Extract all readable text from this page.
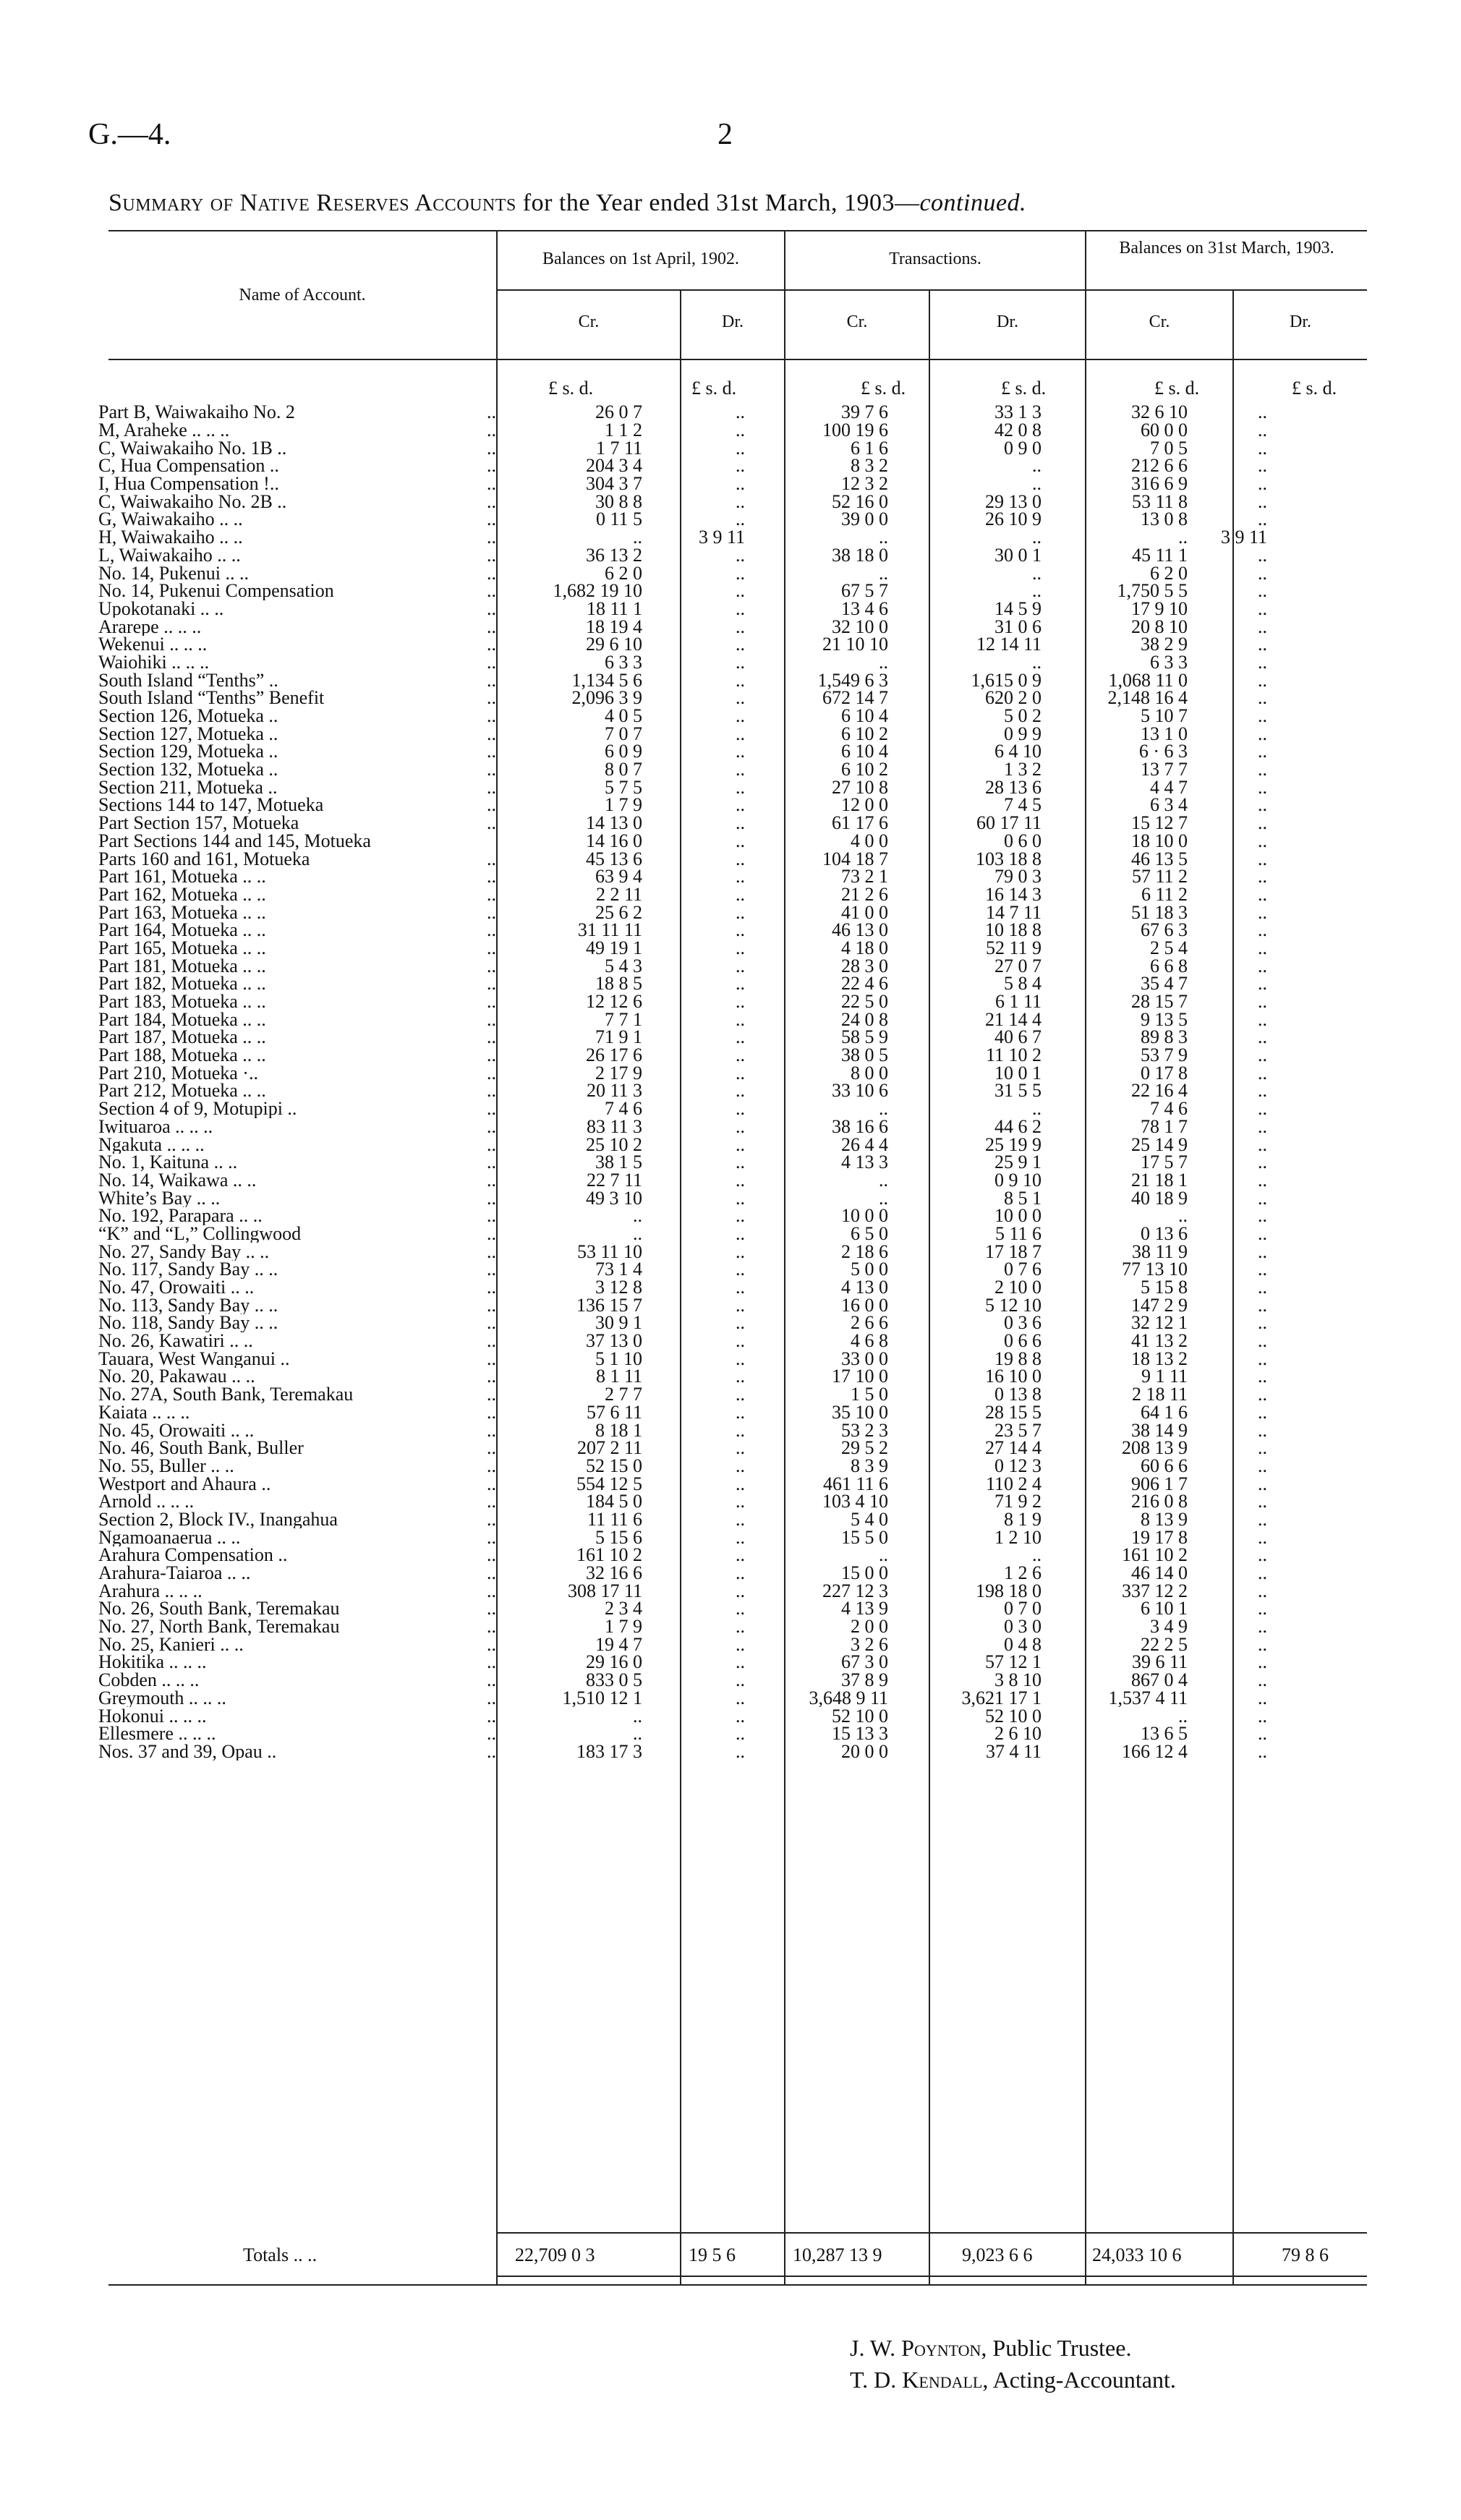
G.—4.	2
Summary of Native Reserves Accounts for the Year ended 31st March, 1903—continued.
Name of Account.
Balances on 1st April, 1902.	Transactions.
Balances on 31st March, 1903.
Cr.	Dr.	Cr.	Dr.	Cr.	Dr.
£ s. d.	£ s. d.	£ s. d.	£ s. d.	£ s. d.	£ s. d.
Part B, Waiwakaiho No. 2	..	26 0 7	..	39 7 6	33 1 3	32 6 10	..
M, Araheke .. .. ..	..	1 1 2	..	100 19 6	42 0 8	60 0 0	..
C, Waiwakaiho No. 1B ..	..	1 7 11	..	6 1 6	0 9 0	7 0 5	..
C, Hua Compensation ..	..	204 3 4	..	8 3 2	..	212 6 6	..
I, Hua Compensation !..	..	304 3 7	..	12 3 2	..	316 6 9	..
C, Waiwakaiho No. 2B ..	..	30 8 8	..	52 16 0	29 13 0	53 11 8	..
G, Waiwakaiho .. ..	..	0 11 5	..	39 0 0	26 10 9	13 0 8	..
H, Waiwakaiho .. ..	..	..	3 9 11	..	..	..	3 9 11
L, Waiwakaiho .. ..	..	36 13 2	..	38 18 0	30 0 1	45 11 1	..
No. 14, Pukenui .. ..	..	6 2 0	..	..	..	6 2 0	..
No. 14, Pukenui Compensation	..	1,682 19 10	..	67 5 7	..	1,750 5 5	..
Upokotanaki .. ..	..	18 11 1	..	13 4 6	14 5 9	17 9 10	..
Ararepe .. .. ..	..	18 19 4	..	32 10 0	31 0 6	20 8 10	..
Wekenui .. .. ..	..	29 6 10	..	21 10 10	12 14 11	38 2 9	..
Waiohiki .. .. ..	..	6 3 3	..	..	..	6 3 3	..
South Island “Tenths” ..	..	1,134 5 6	..	1,549 6 3	1,615 0 9	1,068 11 0	..
South Island “Tenths” Benefit	..	2,096 3 9	..	672 14 7	620 2 0	2,148 16 4	..
Section 126, Motueka ..	..	4 0 5	..	6 10 4	5 0 2	5 10 7	..
Section 127, Motueka ..	..	7 0 7	..	6 10 2	0 9 9	13 1 0	..
Section 129, Motueka ..	..	6 0 9	..	6 10 4	6 4 10	6 · 6 3	..
Section 132, Motueka ..	..	8 0 7	..	6 10 2	1 3 2	13 7 7	..
Section 211, Motueka ..	..	5 7 5	..	27 10 8	28 13 6	4 4 7	..
Sections 144 to 147, Motueka	..	1 7 9	..	12 0 0	7 4 5	6 3 4	..
Part Section 157, Motueka	..	14 13 0	..	61 17 6	60 17 11	15 12 7	..
Part Sections 144 and 145, Motueka		14 16 0	..	4 0 0	0 6 0	18 10 0	..
Parts 160 and 161, Motueka	..	45 13 6	..	104 18 7	103 18 8	46 13 5	..
Part 161, Motueka .. ..	..	63 9 4	..	73 2 1	79 0 3	57 11 2	..
Part 162, Motueka .. ..	..	2 2 11	..	21 2 6	16 14 3	6 11 2	..
Part 163, Motueka .. ..	..	25 6 2	..	41 0 0	14 7 11	51 18 3	..
Part 164, Motueka .. ..	..	31 11 11	..	46 13 0	10 18 8	67 6 3	..
Part 165, Motueka .. ..	..	49 19 1	..	4 18 0	52 11 9	2 5 4	..
Part 181, Motueka .. ..	..	5 4 3	..	28 3 0	27 0 7	6 6 8	..
Part 182, Motueka .. ..	..	18 8 5	..	22 4 6	5 8 4	35 4 7	..
Part 183, Motueka .. ..	..	12 12 6	..	22 5 0	6 1 11	28 15 7	..
Part 184, Motueka .. ..	..	7 7 1	..	24 0 8	21 14 4	9 13 5	..
Part 187, Motueka .. ..	..	71 9 1	..	58 5 9	40 6 7	89 8 3	..
Part 188, Motueka .. ..	..	26 17 6	..	38 0 5	11 10 2	53 7 9	..
Part 210, Motueka ·..	..	2 17 9	..	8 0 0	10 0 1	0 17 8	..
Part 212, Motueka .. ..	..	20 11 3	..	33 10 6	31 5 5	22 16 4	..
Section 4 of 9, Motupipi ..	..	7 4 6	..	..	..	7 4 6	..
Iwituaroa .. .. ..	..	83 11 3	..	38 16 6	44 6 2	78 1 7	..
Ngakuta .. .. ..	..	25 10 2	..	26 4 4	25 19 9	25 14 9	..
No. 1, Kaituna .. ..	..	38 1 5	..	4 13 3	25 9 1	17 5 7	..
No. 14, Waikawa .. ..	..	22 7 11	..	..	0 9 10	21 18 1	..
White’s Bay .. ..	..	49 3 10	..	..	8 5 1	40 18 9	..
No. 192, Parapara .. ..	..	..	..	10 0 0	10 0 0	..	..
“K” and “L,” Collingwood	..	..	..	6 5 0	5 11 6	0 13 6	..
No. 27, Sandy Bay .. ..	..	53 11 10	..	2 18 6	17 18 7	38 11 9	..
No. 117, Sandy Bay .. ..	..	73 1 4	..	5 0 0	0 7 6	77 13 10	..
No. 47, Orowaiti .. ..	..	3 12 8	..	4 13 0	2 10 0	5 15 8	..
No. 113, Sandy Bay .. ..	..	136 15 7	..	16 0 0	5 12 10	147 2 9	..
No. 118, Sandy Bay .. ..	..	30 9 1	..	2 6 6	0 3 6	32 12 1	..
No. 26, Kawatiri .. ..	..	37 13 0	..	4 6 8	0 6 6	41 13 2	..
Tauara, West Wanganui ..	..	5 1 10	..	33 0 0	19 8 8	18 13 2	..
No. 20, Pakawau .. ..	..	8 1 11	..	17 10 0	16 10 0	9 1 11	..
No. 27A, South Bank, Teremakau	..	2 7 7	..	1 5 0	0 13 8	2 18 11	..
Kaiata .. .. ..	..	57 6 11	..	35 10 0	28 15 5	64 1 6	..
No. 45, Orowaiti .. ..	..	8 18 1	..	53 2 3	23 5 7	38 14 9	..
No. 46, South Bank, Buller	..	207 2 11	..	29 5 2	27 14 4	208 13 9	..
No. 55, Buller .. ..	..	52 15 0	..	8 3 9	0 12 3	60 6 6	..
Westport and Ahaura ..	..	554 12 5	..	461 11 6	110 2 4	906 1 7	..
Arnold .. .. ..	..	184 5 0	..	103 4 10	71 9 2	216 0 8	..
Section 2, Block IV., Inangahua	..	11 11 6	..	5 4 0	8 1 9	8 13 9	..
Ngamoanaerua .. ..	..	5 15 6	..	15 5 0	1 2 10	19 17 8	..
Arahura Compensation ..	..	161 10 2	..	..	..	161 10 2	..
Arahura-Taiaroa .. ..	..	32 16 6	..	15 0 0	1 2 6	46 14 0	..
Arahura .. .. ..	..	308 17 11	..	227 12 3	198 18 0	337 12 2	..
No. 26, South Bank, Teremakau	..	2 3 4	..	4 13 9	0 7 0	6 10 1	..
No. 27, North Bank, Teremakau	..	1 7 9	..	2 0 0	0 3 0	3 4 9	..
No. 25, Kanieri .. ..	..	19 4 7	..	3 2 6	0 4 8	22 2 5	..
Hokitika .. .. ..	..	29 16 0	..	67 3 0	57 12 1	39 6 11	..
Cobden .. .. ..	..	833 0 5	..	37 8 9	3 8 10	867 0 4	..
Greymouth .. .. ..	..	1,510 12 1	..	3,648 9 11	3,621 17 1	1,537 4 11	..
Hokonui .. .. ..	..	..	..	52 10 0	52 10 0	..	..
Ellesmere .. .. ..	..	..	..	15 13 3	2 6 10	13 6 5	..
Nos. 37 and 39, Opau ..	..	183 17 3	..	20 0 0	37 4 11	166 12 4	..
Totals .. ..	22,709 0 3	19 5 6	10,287 13 9	9,023 6 6	24,033 10 6	79 8 6
J. W. Poynton, Public Trustee.
T. D. Kendall, Acting-Accountant.
